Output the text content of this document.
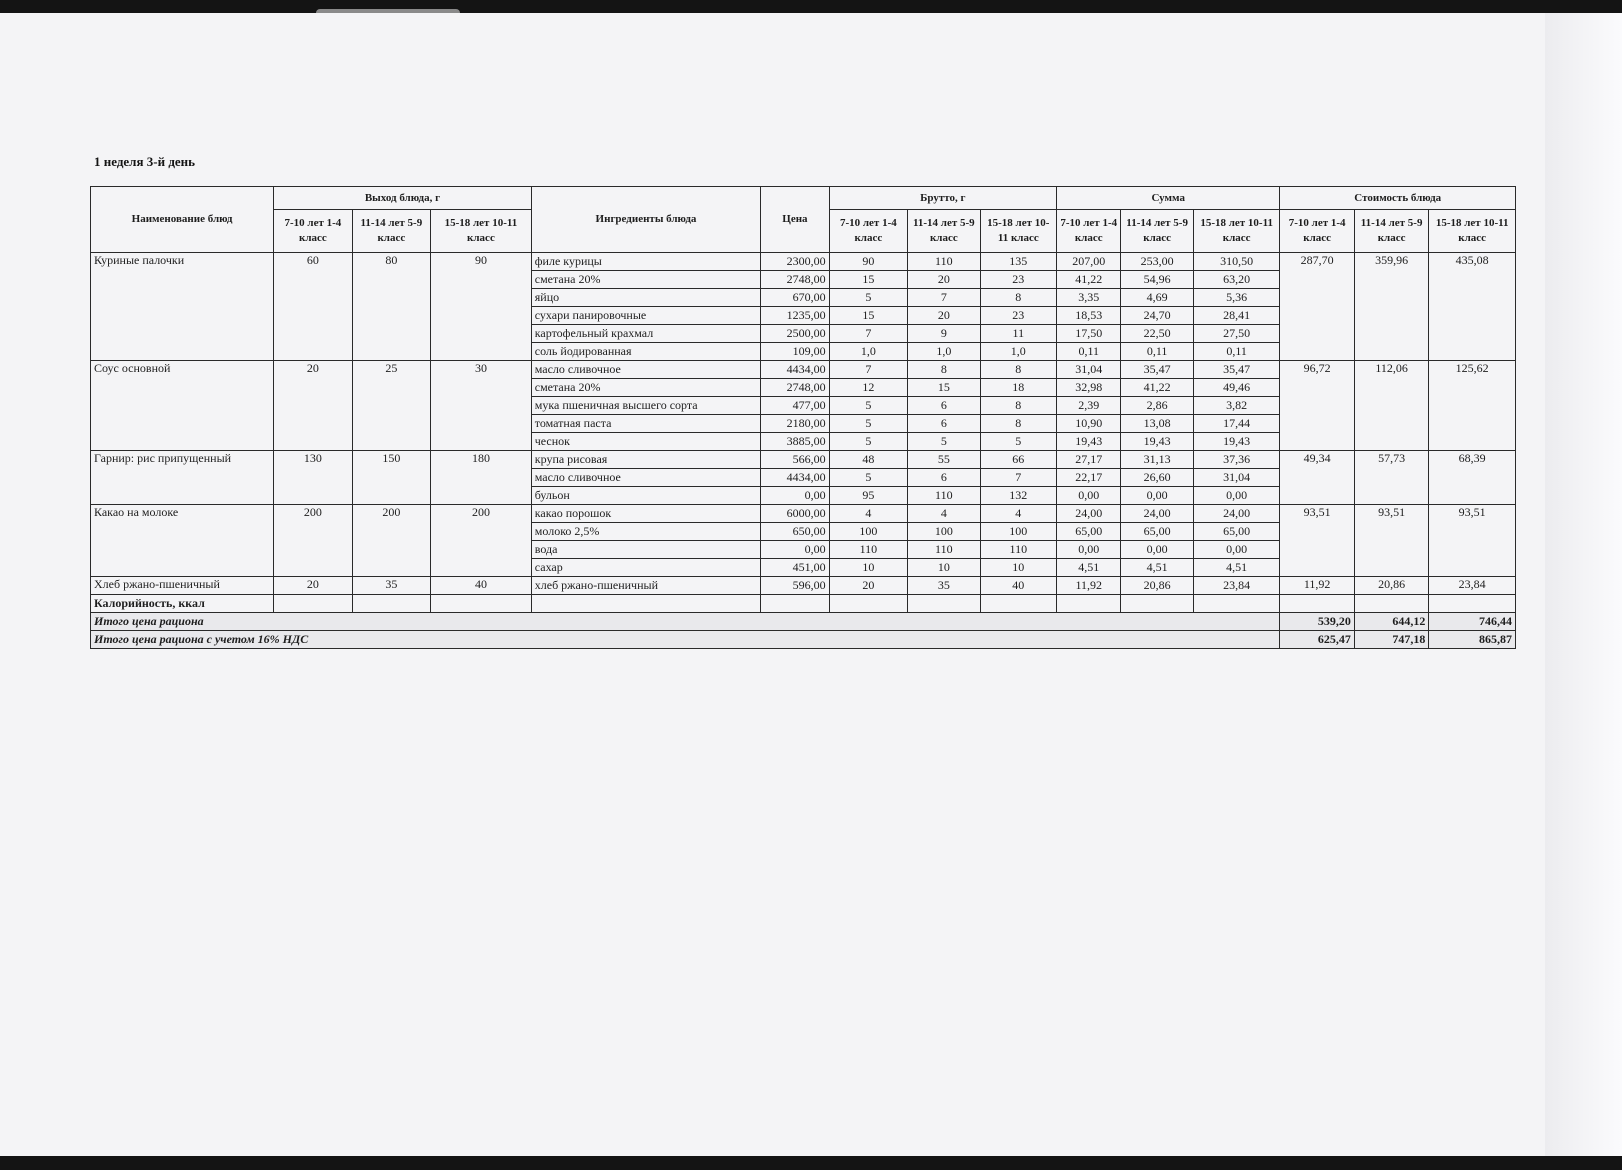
1 неделя 3-й день
Наименование блюд	Выход блюда, г			Ингредиенты блюда	Цена	Брутто, г			Сумма			Стоимость блюда		
	7-10 лет 1-4 класс	11-14 лет 5-9 класс	15-18 лет 10-11 класс			7-10 лет 1-4 класс	11-14 лет 5-9 класс	15-18 лет 10-11 класс	7-10 лет 1-4 класс	11-14 лет 5-9 класс	15-18 лет 10-11 класс	7-10 лет 1-4 класс	11-14 лет 5-9 класс	15-18 лет 10-11 класс
Куриные палочки	60	80	90	филе курицы	2300,00	90	110	135	207,00	253,00	310,50	287,70	359,96	435,08
				сметана 20%	2748,00	15	20	23	41,22	54,96	63,20			
				яйцо	670,00	5	7	8	3,35	4,69	5,36			
				сухари панировочные	1235,00	15	20	23	18,53	24,70	28,41			
				картофельный крахмал	2500,00	7	9	11	17,50	22,50	27,50			
				соль йодированная	109,00	1,0	1,0	1,0	0,11	0,11	0,11			
Соус основной	20	25	30	масло сливочное	4434,00	7	8	8	31,04	35,47	35,47	96,72	112,06	125,62
				сметана 20%	2748,00	12	15	18	32,98	41,22	49,46			
				мука пшеничная высшего сорта	477,00	5	6	8	2,39	2,86	3,82			
				томатная паста	2180,00	5	6	8	10,90	13,08	17,44			
				чеснок	3885,00	5	5	5	19,43	19,43	19,43			
Гарнир: рис припущенный	130	150	180	крупа рисовая	566,00	48	55	66	27,17	31,13	37,36	49,34	57,73	68,39
				масло сливочное	4434,00	5	6	7	22,17	26,60	31,04			
				бульон	0,00	95	110	132	0,00	0,00	0,00			
Какао на молоке	200	200	200	какао порошок	6000,00	4	4	4	24,00	24,00	24,00	93,51	93,51	93,51
				молоко 2,5%	650,00	100	100	100	65,00	65,00	65,00			
				вода	0,00	110	110	110	0,00	0,00	0,00			
				сахар	451,00	10	10	10	4,51	4,51	4,51			
Хлеб ржано-пшеничный	20	35	40	хлеб ржано-пшеничный	596,00	20	35	40	11,92	20,86	23,84	11,92	20,86	23,84
Калорийность, ккал														
Итого цена рациона												539,20	644,12	746,44
Итого цена рациона с учетом 16% НДС												625,47	747,18	865,87
